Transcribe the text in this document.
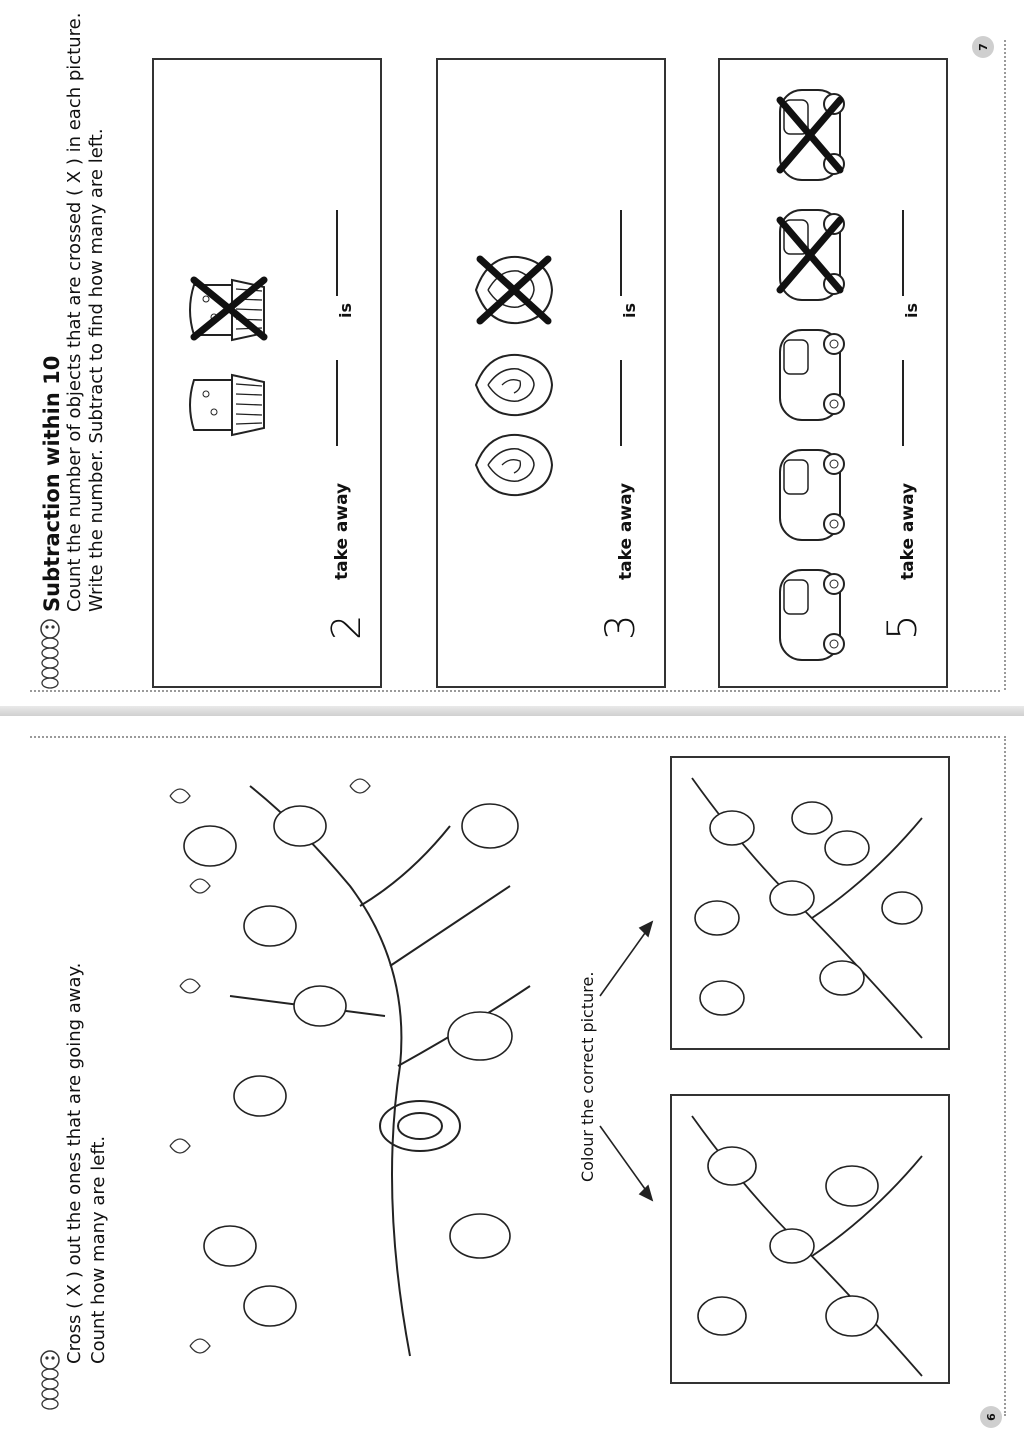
7
Subtraction within 10 Count the number of objects that are crossed ( X ) in each picture. Write the number. Subtract to find how many are left.
2
take away
is
3
take away
is
5
take away
is
6
Cross ( X ) out the ones that are going away. Count how many are left.
Colour the correct picture.
